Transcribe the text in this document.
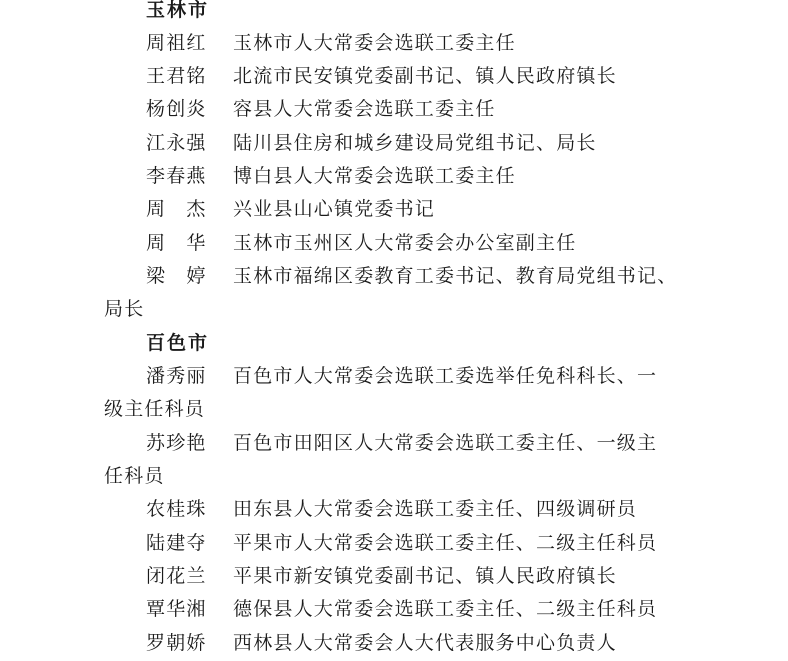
玉林市
周祖红 玉林市人大常委会选联工委主任
王君铭 北流市民安镇党委副书记、镇人民政府镇长
杨创炎 容县人大常委会选联工委主任
江永强 陆川县住房和城乡建设局党组书记、局长
李春燕 博白县人大常委会选联工委主任
周　杰 兴业县山心镇党委书记
周　华 玉林市玉州区人大常委会办公室副主任
梁　婷 玉林市福绵区委教育工委书记、教育局党组书记、
局长
百色市
潘秀丽 百色市人大常委会选联工委选举任免科科长、一
级主任科员
苏珍艳 百色市田阳区人大常委会选联工委主任、一级主
任科员
农桂珠 田东县人大常委会选联工委主任、四级调研员
陆建夺 平果市人大常委会选联工委主任、二级主任科员
闭花兰 平果市新安镇党委副书记、镇人民政府镇长
覃华湘 德保县人大常委会选联工委主任、二级主任科员
罗朝娇 西林县人大常委会人大代表服务中心负责人
